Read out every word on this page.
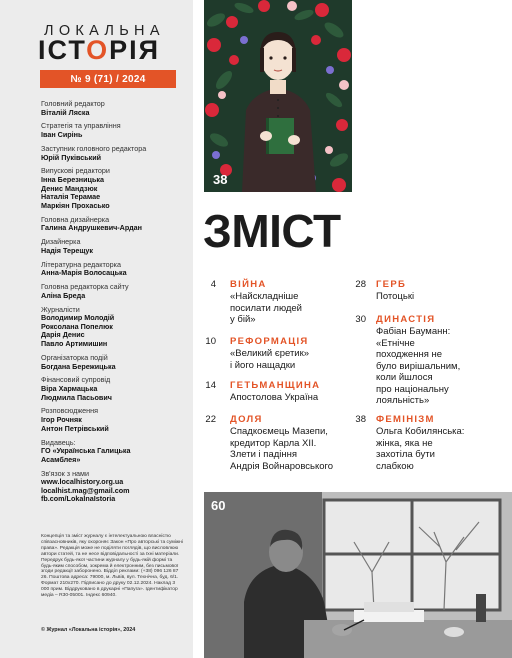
ЛОКАЛЬНА
ІСТОРІЯ
№ 9 (71) / 2024
Головний редактор
Віталій Ляска
Стратегія та управління
Іван Сирiнь
Заступник головного редактора
Юрій Пуківський
Випускові редактори
Інна Березницька
Денис Мандзюк
Наталія Терамае
Маркіян Прохасько
Головна дизайнерка
Галина Андрушкевич-Ардан
Дизайнерка
Надія Терещук
Літературна редакторка
Анна-Марія Волосацька
Головна редакторка сайту
Аліна Бреда
Журналісти
Володимир Молодій
Роксолана Попелюк
Дарія Денис
Павло Артимишин
Організаторка подій
Богдана Бережицька
Фінансовий супровід
Віра Хармацька
Людмила Пасьович
Розповсюдження
Ігор Рочняк
Антон Петрівський
Видавець:
ГО «Українська Галицька
Асамблея»
Зв'язок з нами
www.localhistory.org.ua
localhist.mag@gmail.com
fb.com/LokalnaIstoria
Концепція та зміст журналу є інтелектуальною власністю співзасновників, яку охороняє Закон «Про авторські та суміжні права». Редакція може не поділяти поглядів, що висловлюю автори статей, та не несе відповідальності за їхні матеріали. Передрук будь-якої частини журналу у будь-якій формі та будь-яким способом, зокрема й електронним, без письмової згоди редакції заборонено. Відділ реклами: (+38) 096 126 87 26. Поштова адреса: 79000, м. Львів, вул. Технічна, буд. 6/1. Формат 210х270. Підписано до друку 02.12.2024. Наклад 3 000 прим. Віддруковано в друкарні «Папуга». Ідентифікатор медіа – R30-05001. Індекс 60940.
© Журнал «Локальна історія», 2024
38
ЗМІСТ
4 ВІЙНА
«Найскладніше
посилати людей
у бій»
10 РЕФОРМАЦІЯ
«Великий єретик»
і його нащадки
14 ГЕТЬМАНЩИНА
Апостолова Україна
22 ДОЛЯ
Спадкоємець Мазепи,
кредитор Карла ХІІ.
Злети і падіння
Андрія Войнаровського
28 ГЕРБ
Потоцькі
30 ДИНАСТІЯ
Фабіан Бауманн:
«Етнічне
походження не
було вирішальним,
коли йшлося
про національну
лояльність»
38 ФЕМІНІЗМ
Ольга Кобилянська:
жінка, яка не
захотіла бути
слабкою
60
